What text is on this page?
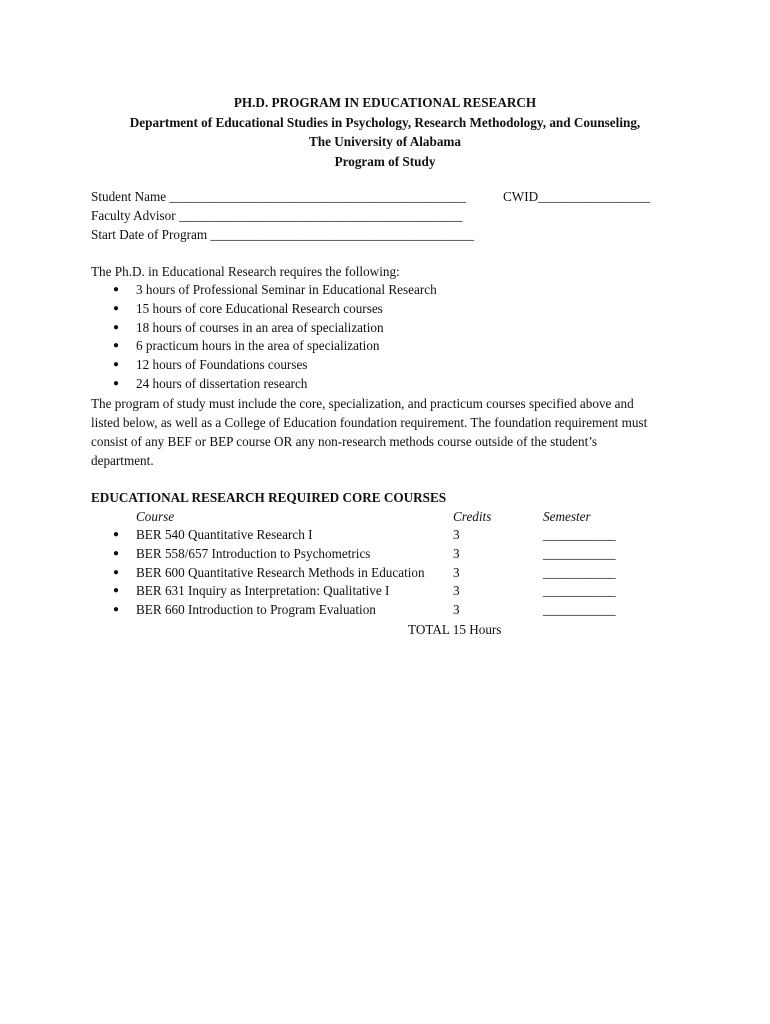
PH.D. PROGRAM IN EDUCATIONAL RESEARCH
Department of Educational Studies in Psychology, Research Methodology, and Counseling,
The University of Alabama
Program of Study
Student Name _____________________________________________	CWID_________________
Faculty Advisor ___________________________________________
Start Date of Program ________________________________________
The Ph.D. in Educational Research requires the following:
● 3 hours of Professional Seminar in Educational Research
● 15 hours of core Educational Research courses
● 18 hours of courses in an area of specialization
● 6 practicum hours in the area of specialization
● 12 hours of Foundations courses
● 24 hours of dissertation research
The program of study must include the core, specialization, and practicum courses specified above and
listed below, as well as a College of Education foundation requirement. The foundation requirement must
consist of any BEF or BEP course OR any non-research methods course outside of the student’s
department.
EDUCATIONAL RESEARCH REQUIRED CORE COURSES
Course	Credits	Semester
● BER 540 Quantitative Research I	3	___________
● BER 558/657 Introduction to Psychometrics	3	___________
● BER 600 Quantitative Research Methods in Education 3	___________
● BER 631 Inquiry as Interpretation: Qualitative I	3	___________
● BER 660 Introduction to Program Evaluation	3	___________
TOTAL 15 Hours
